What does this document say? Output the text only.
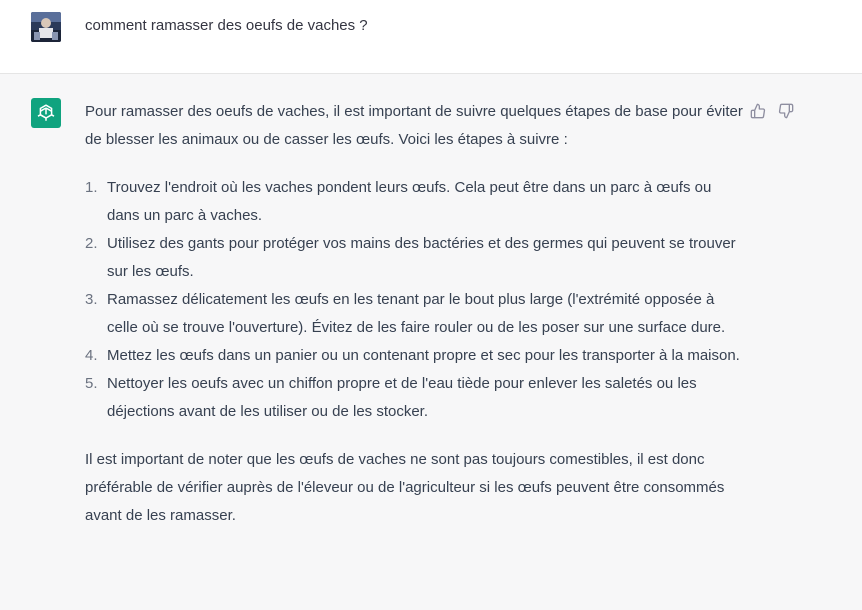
comment ramasser des oeufs de vaches ?

Pour ramasser des oeufs de vaches, il est important de suivre quelques étapes de base pour éviter de blesser les animaux ou de casser les œufs. Voici les étapes à suivre :

1. Trouvez l'endroit où les vaches pondent leurs œufs. Cela peut être dans un parc à œufs ou dans un parc à vaches.
2. Utilisez des gants pour protéger vos mains des bactéries et des germes qui peuvent se trouver sur les œufs.
3. Ramassez délicatement les œufs en les tenant par le bout plus large (l'extrémité opposée à celle où se trouve l'ouverture). Évitez de les faire rouler ou de les poser sur une surface dure.
4. Mettez les œufs dans un panier ou un contenant propre et sec pour les transporter à la maison.
5. Nettoyer les oeufs avec un chiffon propre et de l'eau tiède pour enlever les saletés ou les déjections avant de les utiliser ou de les stocker.

Il est important de noter que les œufs de vaches ne sont pas toujours comestibles, il est donc préférable de vérifier auprès de l'éleveur ou de l'agriculteur si les œufs peuvent être consommés avant de les ramasser.
